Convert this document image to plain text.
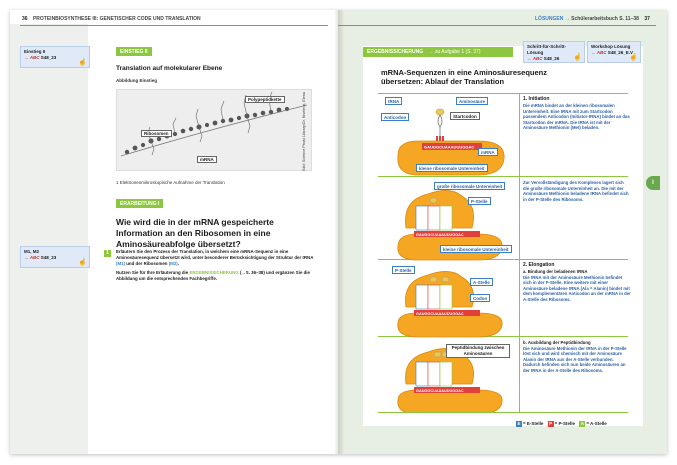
36 PROTEINBIOSYNTHESE III: GENETISCHER CODE UND TRANSLATION
Einstieg II
→ ABC S48_23
☝
M1, M2
→ ABC S48_23
☝
EINSTIEG II
Translation auf molekularer Ebene
Abbildung Einstieg
Polypeptidkette
Ribosomen
mRNA	Bild: Science Photo Library/Dr. Kiseleva, Elena
1 Elektronenmikroskopische Aufnahme der Translation
ERARBEITUNG I
Wie wird die in der mRNA gespeicherte Information an den Ribosomen in eine Aminosäureabfolge übersetzt?
1	Erläutern Sie den Prozess der Translation, in welchem eine mRNA-Sequenz in eine Aminosäuresequenz übersetzt wird, unter besonderer Berücksichtigung der Struktur der tRNA (M1) und der Ribosomen (M2).

Nutzen Sie für Ihre Erläuterung die ERGEBNISSICHERUNG (→S. 36–38) und ergänzen Sie die Abbildung um die entsprechenden Fachbegriffe.

LÖSUNGEN → Schülerarbeitsbuch S. 11–38 37
I
ERGEBNISSICHERUNG → zu Aufgabe 1 (S. 37)
Schritt-für-Schritt-Lösung
→ ABC S48_26 ☝
Workshop Lösung
→ ABC S48_26_E.V
☝
mRNA-Sequenzen in eine Aminosäuresequenz übersetzen: Ablauf der Translation
GAUGGCUAAAUUUGGAC
GAUGGCUAAAUUUGGAC
GAUGGCUAAAUUUGGAC
GAUGGCUAAAUUUGGAC
tRNA	Aminosäure
Anticodon	Startcodon
mRNA
kleine ribosomale Untereinheit
große ribosomale Untereinheit
P-Stelle
kleine ribosomale Untereinheit
P-Stelle
A-Stelle
Codon
Peptidbindung zwischen Aminosäuren
1. Initiation
Die mRNA bindet an der kleinen ribosomalen Untereinheit. Eine tRNA mit zum Startcodon passendem Anticodon (Initiator-tRNA) bindet an das Startcodon der mRNA. Die tRNA ist mit der Aminosäure Methionin (Met) beladen.
Zur Vervollständigung des Komplexes lagert sich die große ribosomale Untereinheit an. Die mit der Aminosäure Methionin beladene tRNA befindet sich in der P-Stelle des Ribosoms.
2. Elongation
a. Bindung der beladenen tRNA
Die tRNA mit der Aminosäure Methionin befindet sich in der P-Stelle. Eine weitere mit einer Aminosäure beladene tRNA (Ala = Alanin) bindet mit dem komplementären Anticodon an der mRNA in der A-Stelle des Ribosoms.
b. Ausbildung der Peptidbindung
Die Aminosäure Methionin der tRNA in der P-Stelle löst sich und wird chemisch mit der Aminosäure Alanin der tRNA aus der A-Stelle verbunden. Dadurch befinden sich nun beide Aminosäuren an der tRNA in der A-Stelle des Ribosoms.
E = E-Stelle P = P-Stelle A = A-Stelle
